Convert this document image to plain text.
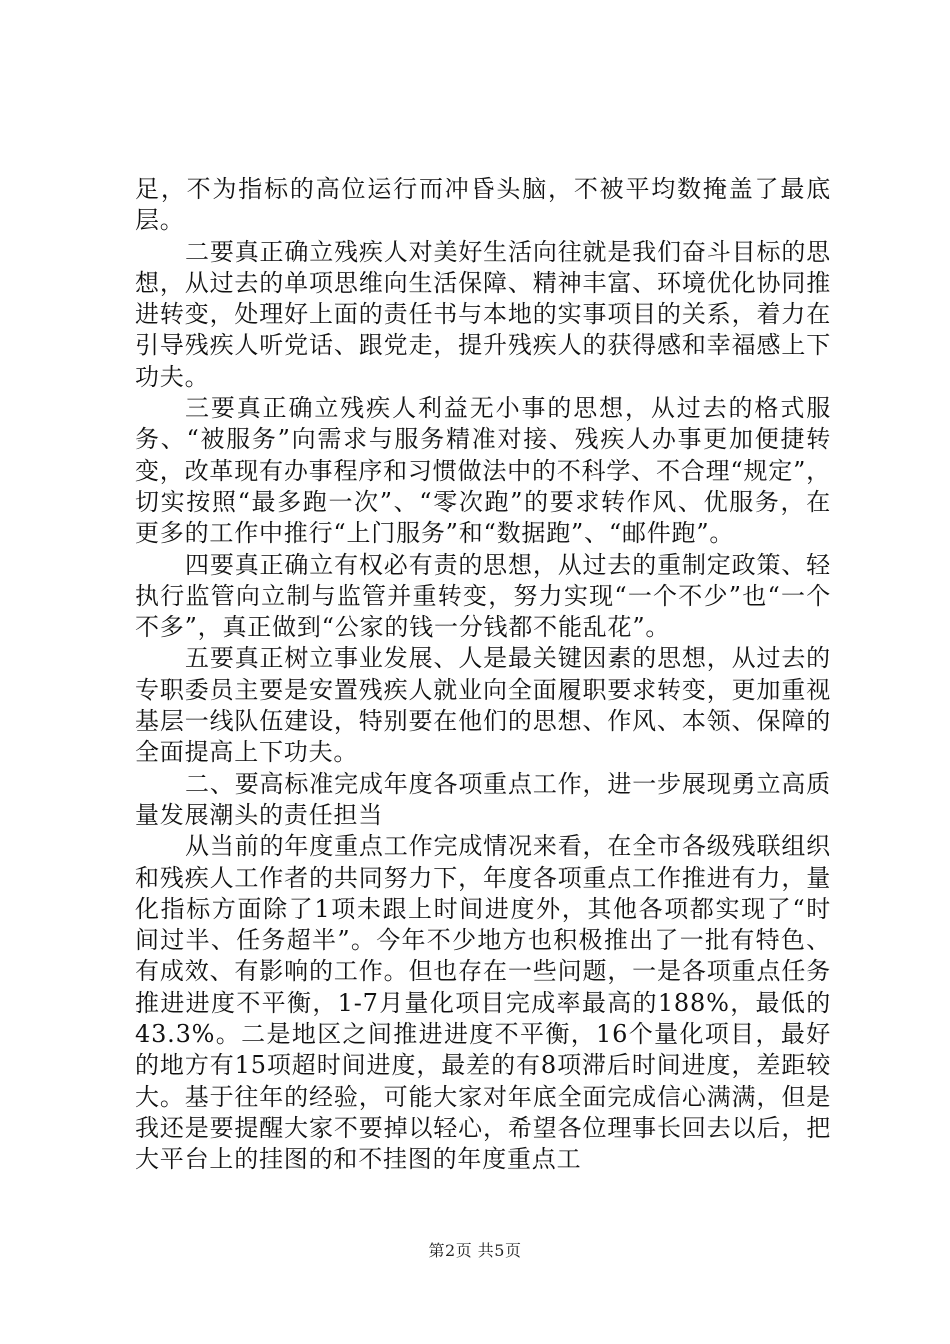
足，不为指标的高位运行而冲昏头脑，不被平均数掩盖了最底层。

二要真正确立残疾人对美好生活向往就是我们奋斗目标的思想，从过去的单项思维向生活保障、精神丰富、环境优化协同推进转变，处理好上面的责任书与本地的实事项目的关系，着力在引导残疾人听党话、跟党走，提升残疾人的获得感和幸福感上下功夫。

三要真正确立残疾人利益无小事的思想，从过去的格式服务、“被服务”向需求与服务精准对接、残疾人办事更加便捷转变，改革现有办事程序和习惯做法中的不科学、不合理“规定”，切实按照“最多跑一次”、“零次跑”的要求转作风、优服务，在更多的工作中推行“上门服务”和“数据跑”、“邮件跑”。

四要真正确立有权必有责的思想，从过去的重制定政策、轻执行监管向立制与监管并重转变，努力实现“一个不少”也“一个不多”，真正做到“公家的钱一分钱都不能乱花”。

五要真正树立事业发展、人是最关键因素的思想，从过去的专职委员主要是安置残疾人就业向全面履职要求转变，更加重视基层一线队伍建设，特别要在他们的思想、作风、本领、保障的全面提高上下功夫。

二、要高标准完成年度各项重点工作，进一步展现勇立高质量发展潮头的责任担当

从当前的年度重点工作完成情况来看，在全市各级残联组织和残疾人工作者的共同努力下，年度各项重点工作推进有力，量化指标方面除了1项未跟上时间进度外，其他各项都实现了“时间过半、任务超半”。今年不少地方也积极推出了一批有特色、有成效、有影响的工作。但也存在一些问题，一是各项重点任务推进进度不平衡，1-7月量化项目完成率最高的188%，最低的43.3%。二是地区之间推进进度不平衡，16个量化项目，最好的地方有15项超时间进度，最差的有8项滞后时间进度，差距较大。基于往年的经验，可能大家对年底全面完成信心满满，但是我还是要提醒大家不要掉以轻心，希望各位理事长回去以后，把大平台上的挂图的和不挂图的年度重点工

第2页 共5页
